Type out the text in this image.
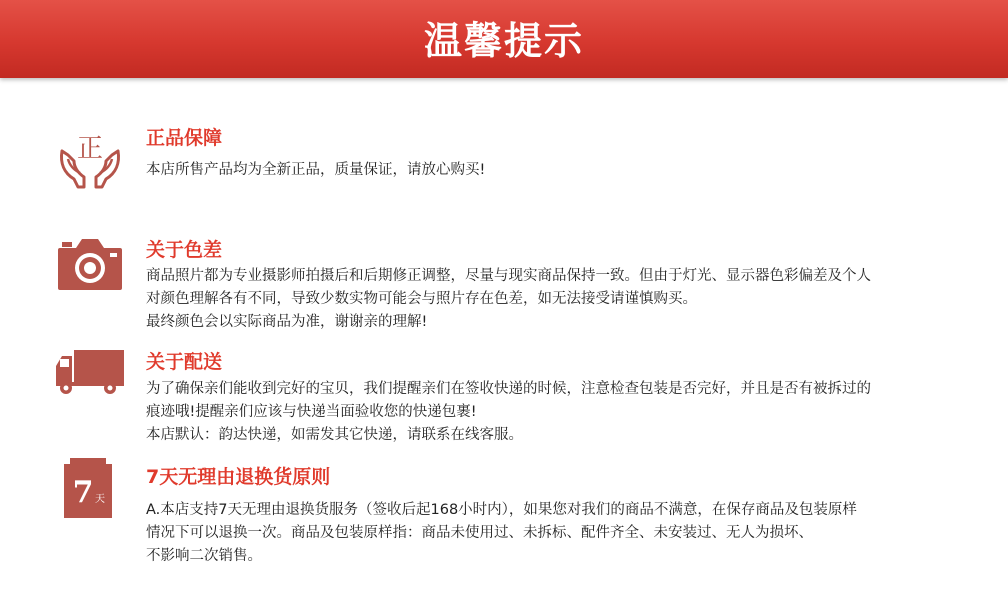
温馨提示
正 正品保障
本店所售产品均为全新正品，质量保证，请放心购买!
关于色差
商品照片都为专业摄影师拍摄后和后期修正调整，尽量与现实商品保持一致。但由于灯光、显示器色彩偏差及个人
对颜色理解各有不同，导致少数实物可能会与照片存在色差，如无法接受请谨慎购买。
最终颜色会以实际商品为准，谢谢亲的理解!
关于配送
为了确保亲们能收到完好的宝贝，我们提醒亲们在签收快递的时候，注意检查包装是否完好，并且是否有被拆过的
痕迹哦!提醒亲们应该与快递当面验收您的快递包裹!
本店默认：韵达快递，如需发其它快递，请联系在线客服。
7 天
7天无理由退换货原则
A.本店支持7天无理由退换货服务（签收后起168小时内），如果您对我们的商品不满意，在保存商品及包装原样
情况下可以退换一次。商品及包装原样指：商品未使用过、未拆标、配件齐全、未安装过、无人为损坏、
不影响二次销售。
